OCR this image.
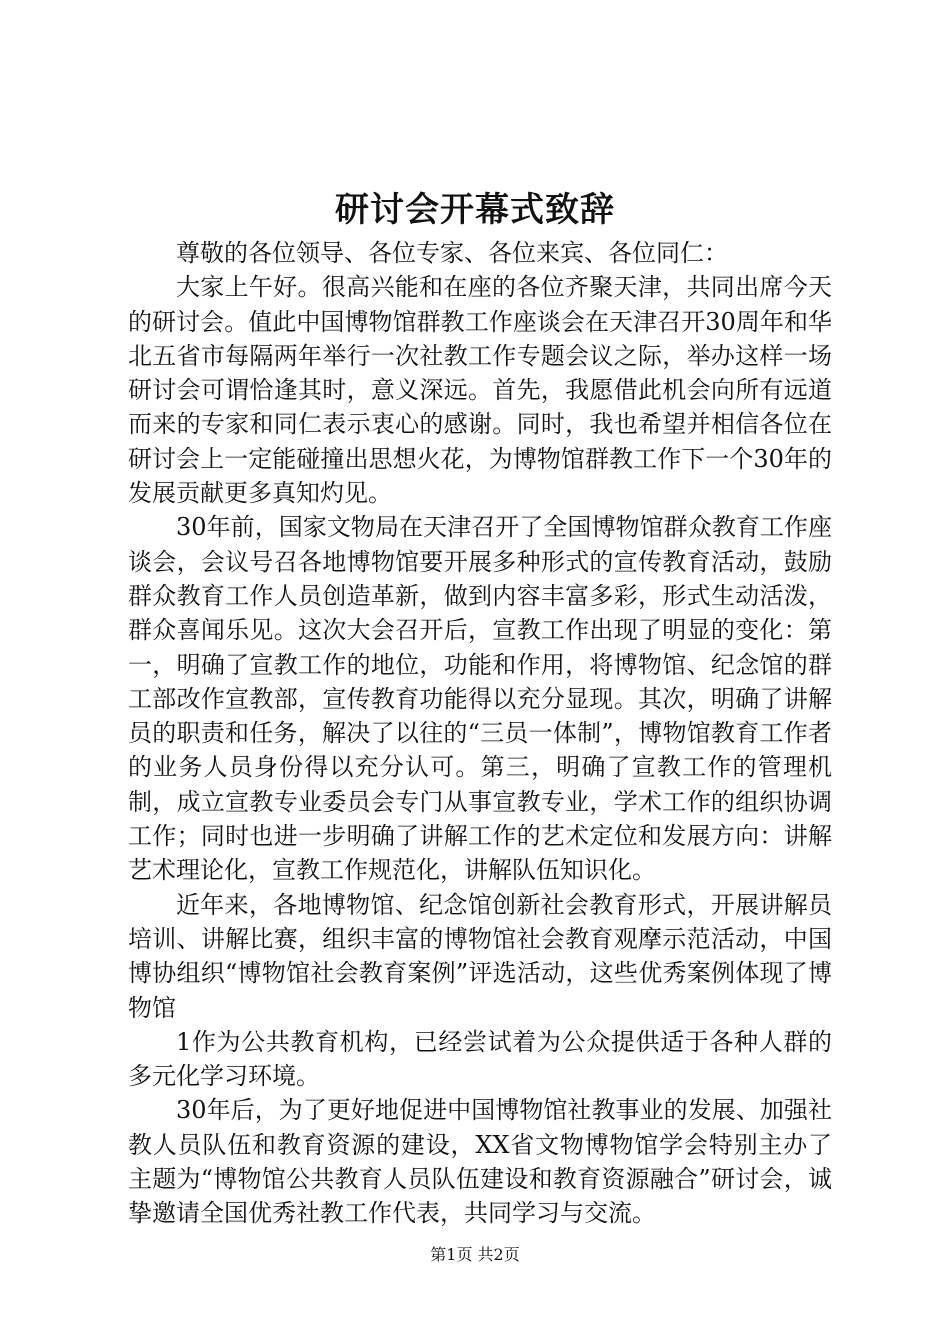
研讨会开幕式致辞

尊敬的各位领导、各位专家、各位来宾、各位同仁：

大家上午好。很高兴能和在座的各位齐聚天津，共同出席今天的研讨会。值此中国博物馆群教工作座谈会在天津召开30周年和华北五省市每隔两年举行一次社教工作专题会议之际，举办这样一场研讨会可谓恰逢其时，意义深远。首先，我愿借此机会向所有远道而来的专家和同仁表示衷心的感谢。同时，我也希望并相信各位在研讨会上一定能碰撞出思想火花，为博物馆群教工作下一个30年的发展贡献更多真知灼见。

30年前，国家文物局在天津召开了全国博物馆群众教育工作座谈会，会议号召各地博物馆要开展多种形式的宣传教育活动，鼓励群众教育工作人员创造革新，做到内容丰富多彩，形式生动活泼，群众喜闻乐见。这次大会召开后，宣教工作出现了明显的变化：第一，明确了宣教工作的地位，功能和作用，将博物馆、纪念馆的群工部改作宣教部，宣传教育功能得以充分显现。其次，明确了讲解员的职责和任务，解决了以往的“三员一体制”，博物馆教育工作者的业务人员身份得以充分认可。第三，明确了宣教工作的管理机制，成立宣教专业委员会专门从事宣教专业，学术工作的组织协调工作；同时也进一步明确了讲解工作的艺术定位和发展方向：讲解艺术理论化，宣教工作规范化，讲解队伍知识化。

近年来，各地博物馆、纪念馆创新社会教育形式，开展讲解员培训、讲解比赛，组织丰富的博物馆社会教育观摩示范活动，中国博协组织“博物馆社会教育案例”评选活动，这些优秀案例体现了博物馆

1作为公共教育机构，已经尝试着为公众提供适于各种人群的多元化学习环境。

30年后，为了更好地促进中国博物馆社教事业的发展、加强社教人员队伍和教育资源的建设，XX省文物博物馆学会特别主办了主题为“博物馆公共教育人员队伍建设和教育资源融合”研讨会，诚挚邀请全国优秀社教工作代表，共同学习与交流。

第1页 共2页
